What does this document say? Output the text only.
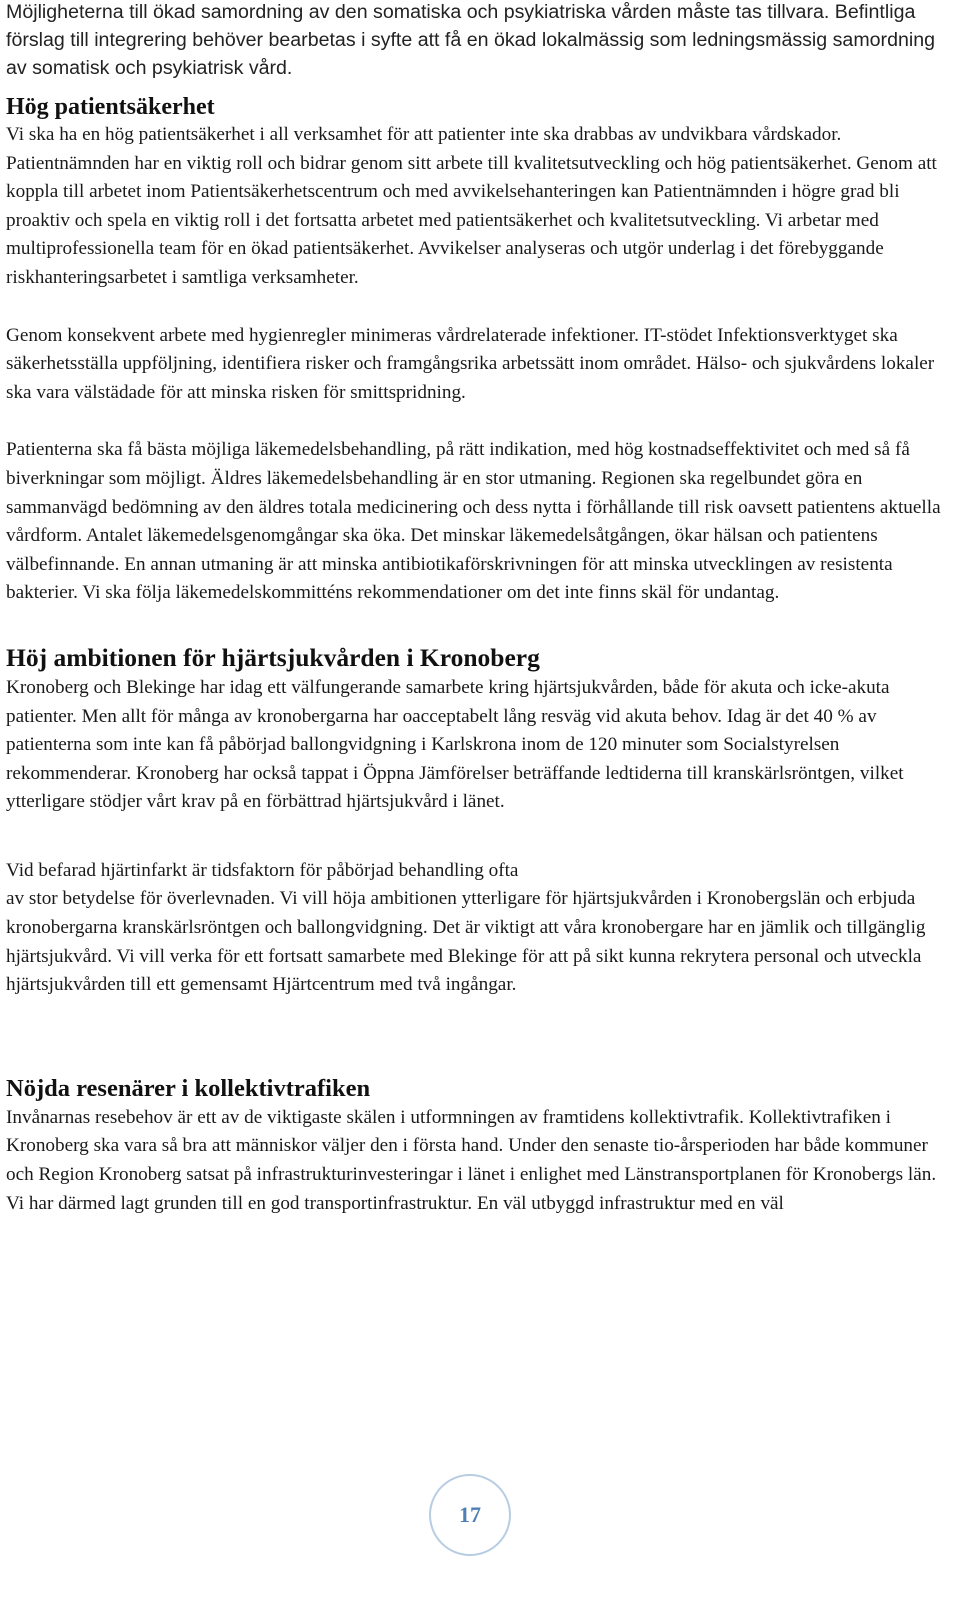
Möjligheterna till ökad samordning av den somatiska och psykiatriska vården måste tas tillvara. Befintliga förslag till integrering behöver bearbetas i syfte att få en ökad lokalmässig som ledningsmässig samordning av somatisk och psykiatrisk vård.

Hög patientsäkerhet

Vi ska ha en hög patientsäkerhet i all verksamhet för att patienter inte ska drabbas av undvikbara vårdskador. Patientnämnden har en viktig roll och bidrar genom sitt arbete till kvalitetsutveckling och hög patientsäkerhet. Genom att koppla till arbetet inom Patientsäkerhetscentrum och med avvikelsehanteringen kan Patientnämnden i högre grad bli proaktiv och spela en viktig roll i det fortsatta arbetet med patientsäkerhet och kvalitetsutveckling. Vi arbetar med multiprofessionella team för en ökad patientsäkerhet. Avvikelser analyseras och utgör underlag i det förebyggande riskhanteringsarbetet i samtliga verksamheter.

Genom konsekvent arbete med hygienregler minimeras vårdrelaterade infektioner. IT-stödet Infektionsverktyget ska säkerhetsställa uppföljning, identifiera risker och framgångsrika arbetssätt inom området. Hälso- och sjukvårdens lokaler ska vara välstädade för att minska risken för smittspridning.

Patienterna ska få bästa möjliga läkemedelsbehandling, på rätt indikation, med hög kostnadseffektivitet och med så få biverkningar som möjligt. Äldres läkemedelsbehandling är en stor utmaning. Regionen ska regelbundet göra en sammanvägd bedömning av den äldres totala medicinering och dess nytta i förhållande till risk oavsett patientens aktuella vårdform. Antalet läkemedelsgenomgångar ska öka. Det minskar läkemedelsåtgången, ökar hälsan och patientens välbefinnande. En annan utmaning är att minska antibiotikaförskrivningen för att minska utvecklingen av resistenta bakterier. Vi ska följa läkemedelskommitténs rekommendationer om det inte finns skäl för undantag.

Höj ambitionen för hjärtsjukvården i Kronoberg

Kronoberg och Blekinge har idag ett välfungerande samarbete kring hjärtsjukvården, både för akuta och icke-akuta patienter. Men allt för många av kronobergarna har oacceptabelt lång resväg vid akuta behov. Idag är det 40 % av patienterna som inte kan få påbörjad ballongvidgning i Karlskrona inom de 120 minuter som Socialstyrelsen rekommenderar. Kronoberg har också tappat i Öppna Jämförelser beträffande ledtiderna till kranskärlsröntgen, vilket ytterligare stödjer vårt krav på en förbättrad hjärtsjukvård i länet.

Vid befarad hjärtinfarkt är tidsfaktorn för påbörjad behandling ofta

av stor betydelse för överlevnaden. Vi vill höja ambitionen ytterligare för hjärtsjukvården i Kronobergslän och erbjuda kronobergarna kranskärlsröntgen och ballongvidgning. Det är viktigt att våra kronobergare har en jämlik och tillgänglig hjärtsjukvård. Vi vill verka för ett fortsatt samarbete med Blekinge för att på sikt kunna rekrytera personal och utveckla hjärtsjukvården till ett gemensamt Hjärtcentrum med två ingångar.

Nöjda resenärer i kollektivtrafiken

Invånarnas resebehov är ett av de viktigaste skälen i utformningen av framtidens kollektivtrafik. Kollektivtrafiken i Kronoberg ska vara så bra att människor väljer den i första hand. Under den senaste tio-årsperioden har både kommuner och Region Kronoberg satsat på infrastrukturinvesteringar i länet i enlighet med Länstransportplanen för Kronobergs län. Vi har därmed lagt grunden till en god transportinfrastruktur. En väl utbyggd infrastruktur med en väl

17
